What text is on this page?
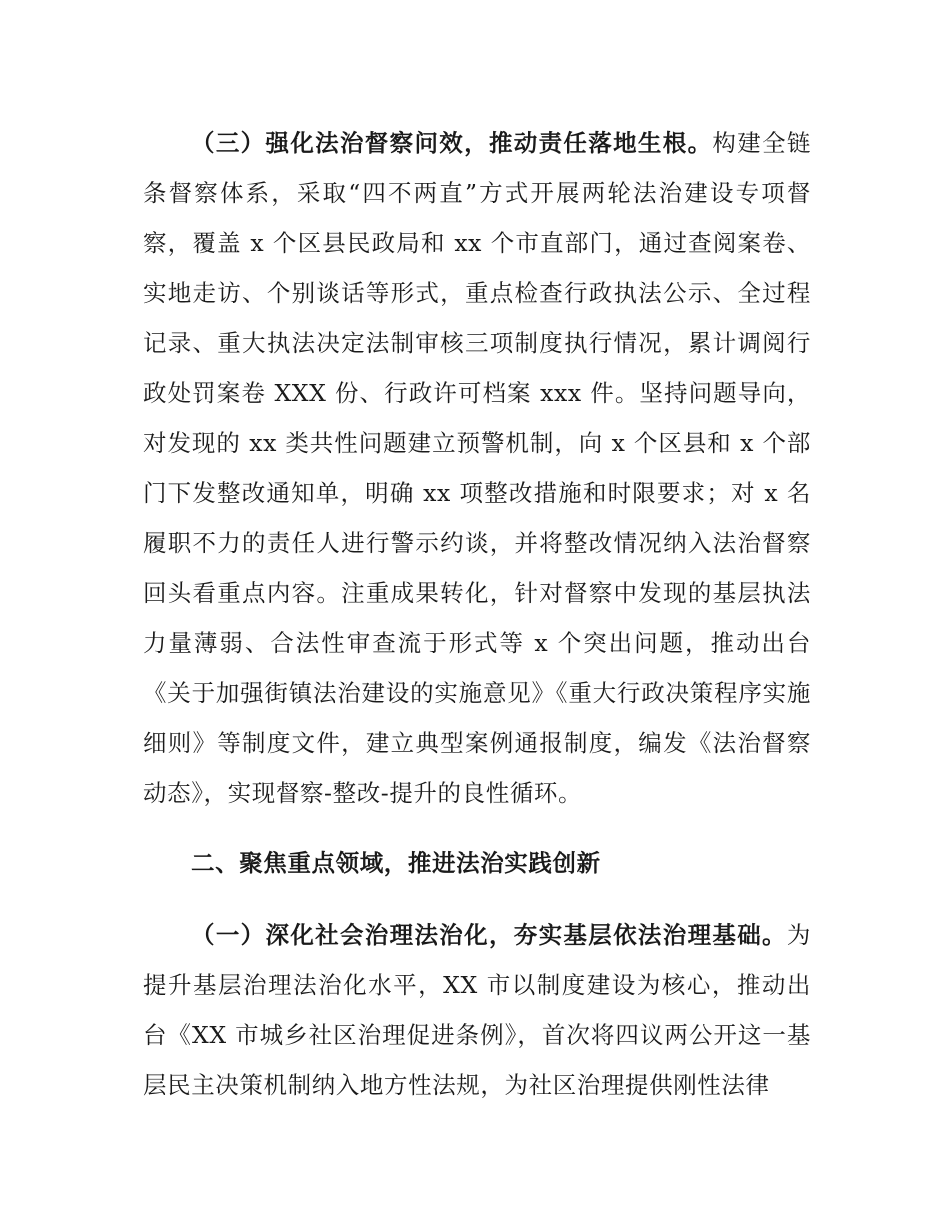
（三）强化法治督察问效，推动责任落地生根。构建全链条督察体系，采取“四不两直”方式开展两轮法治建设专项督察，覆盖 x 个区县民政局和 xx 个市直部门，通过查阅案卷、实地走访、个别谈话等形式，重点检查行政执法公示、全过程记录、重大执法决定法制审核三项制度执行情况，累计调阅行政处罚案卷 XXX 份、行政许可档案 xxx 件。坚持问题导向，对发现的 xx 类共性问题建立预警机制，向 x 个区县和 x 个部门下发整改通知单，明确 xx 项整改措施和时限要求；对 x 名履职不力的责任人进行警示约谈，并将整改情况纳入法治督察回头看重点内容。注重成果转化，针对督察中发现的基层执法力量薄弱、合法性审查流于形式等 x 个突出问题，推动出台《关于加强街镇法治建设的实施意见》《重大行政决策程序实施细则》等制度文件，建立典型案例通报制度，编发《法治督察动态》，实现督察-整改-提升的良性循环。

二、聚焦重点领域，推进法治实践创新

（一）深化社会治理法治化，夯实基层依法治理基础。为提升基层治理法治化水平，XX 市以制度建设为核心，推动出台《XX 市城乡社区治理促进条例》，首次将四议两公开这一基层民主决策机制纳入地方性法规，为社区治理提供刚性法律
